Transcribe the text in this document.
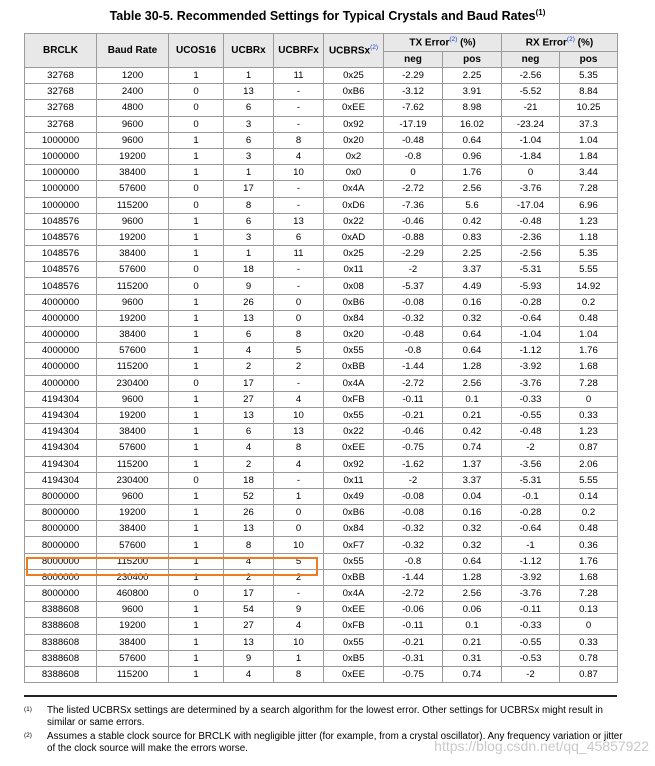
Table 30-5. Recommended Settings for Typical Crystals and Baud Rates$^{(1)}$
BRCLK	Baud Rate	UCOS16	UCBRx	UCBRFx	UCBRSx$^{(2)}$	TX Error$^{(2)}$ (%)		RX Error$^{(2)}$ (%)	
						neg	pos	neg	pos
32768	1200	1	1	11	0x25	-2.29	2.25	-2.56	5.35
32768	2400	0	13	-	0xB6	-3.12	3.91	-5.52	8.84
32768	4800	0	6	-	0xEE	-7.62	8.98	-21	10.25
32768	9600	0	3	-	0x92	-17.19	16.02	-23.24	37.3
1000000	9600	1	6	8	0x20	-0.48	0.64	-1.04	1.04
1000000	19200	1	3	4	0x2	-0.8	0.96	-1.84	1.84
1000000	38400	1	1	10	0x0	0	1.76	0	3.44
1000000	57600	0	17	-	0x4A	-2.72	2.56	-3.76	7.28
1000000	115200	0	8	-	0xD6	-7.36	5.6	-17.04	6.96
1048576	9600	1	6	13	0x22	-0.46	0.42	-0.48	1.23
1048576	19200	1	3	6	0xAD	-0.88	0.83	-2.36	1.18
1048576	38400	1	1	11	0x25	-2.29	2.25	-2.56	5.35
1048576	57600	0	18	-	0x11	-2	3.37	-5.31	5.55
1048576	115200	0	9	-	0x08	-5.37	4.49	-5.93	14.92
4000000	9600	1	26	0	0xB6	-0.08	0.16	-0.28	0.2
4000000	19200	1	13	0	0x84	-0.32	0.32	-0.64	0.48
4000000	38400	1	6	8	0x20	-0.48	0.64	-1.04	1.04
4000000	57600	1	4	5	0x55	-0.8	0.64	-1.12	1.76
4000000	115200	1	2	2	0xBB	-1.44	1.28	-3.92	1.68
4000000	230400	0	17	-	0x4A	-2.72	2.56	-3.76	7.28
4194304	9600	1	27	4	0xFB	-0.11	0.1	-0.33	0
4194304	19200	1	13	10	0x55	-0.21	0.21	-0.55	0.33
4194304	38400	1	6	13	0x22	-0.46	0.42	-0.48	1.23
4194304	57600	1	4	8	0xEE	-0.75	0.74	-2	0.87
4194304	115200	1	2	4	0x92	-1.62	1.37	-3.56	2.06
4194304	230400	0	18	-	0x11	-2	3.37	-5.31	5.55
8000000	9600	1	52	1	0x49	-0.08	0.04	-0.1	0.14
8000000	19200	1	26	0	0xB6	-0.08	0.16	-0.28	0.2
8000000	38400	1	13	0	0x84	-0.32	0.32	-0.64	0.48
8000000	57600	1	8	10	0xF7	-0.32	0.32	-1	0.36
8000000	115200	1	4	5	0x55	-0.8	0.64	-1.12	1.76
8000000	230400	1	2	2	0xBB	-1.44	1.28	-3.92	1.68
8000000	460800	0	17	-	0x4A	-2.72	2.56	-3.76	7.28
8388608	9600	1	54	9	0xEE	-0.06	0.06	-0.11	0.13
8388608	19200	1	27	4	0xFB	-0.11	0.1	-0.33	0
8388608	38400	1	13	10	0x55	-0.21	0.21	-0.55	0.33
8388608	57600	1	9	1	0xB5	-0.31	0.31	-0.53	0.78
8388608	115200	1	4	8	0xEE	-0.75	0.74	-2	0.87
(1)	The listed UCBRSx settings are determined by a search algorithm for the lowest error. Other settings for UCBRSx might result in similar or same errors.
(2)	Assumes a stable clock source for BRCLK with negligible jitter (for example, from a crystal oscillator). Any frequency variation or jitter of the clock source will make the errors worse.	https://blog.csdn.net/qq_45857922
